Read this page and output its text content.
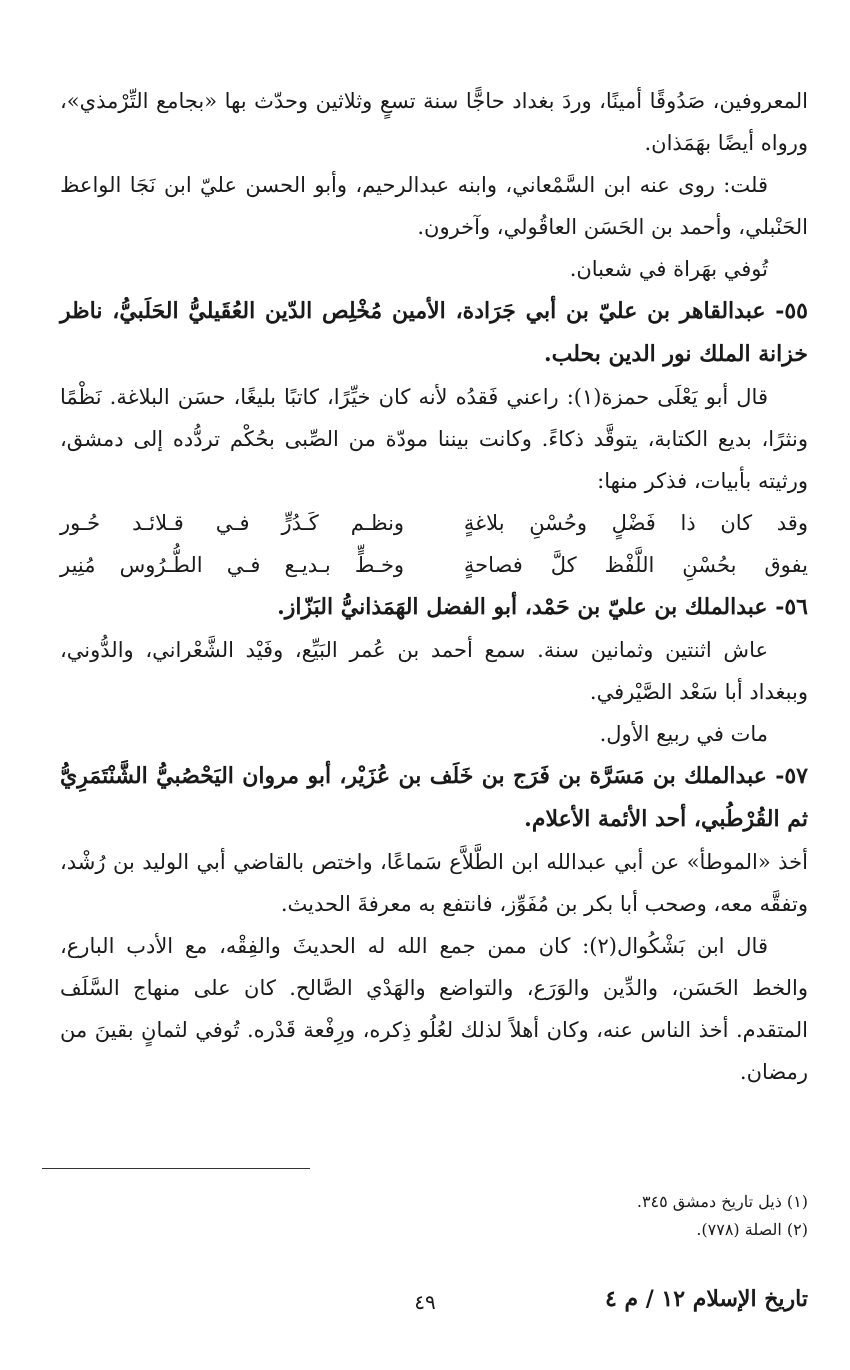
المعروفين، صَدُوقًا أمينًا، وردَ بغداد حاجًّا سنة تسعٍ وثلاثين وحدّث بها «بجامع التِّرْمذي»، ورواه أيضًا بهَمَذان.

قلت: روى عنه ابن السَّمْعاني، وابنه عبدالرحيم، وأبو الحسن عليّ ابن نَجَا الواعظ الحَنْبلي، وأحمد بن الحَسَن العاقُولي، وآخرون.

تُوفي بهَراة في شعبان.

٥٥- عبدالقاهر بن عليّ بن أبي جَرَادة، الأمين مُخْلِص الدّين العُقَيليُّ الحَلَبيُّ، ناظر خزانة الملك نور الدين بحلب.

قال أبو يَعْلَى حمزة(١): راعني فَقدُه لأنه كان خيِّرًا، كاتبًا بليغًا، حسَن البلاغة. نَظْمًا ونثرًا، بديع الكتابة، يتوقَّد ذكاءً. وكانت بيننا مودّة من الصِّبى بحُكْم تردُّده إلى دمشق، ورثيته بأبيات، فذكر منها:

وقد كان ذا فَضْلٍ وحُسْنِ بلاغةٍ
ونظـم كَـدُرٍّ فـي قـلائـد حُـور
يفوق بحُسْنِ اللَّفْظ كلَّ فصاحةٍ
وخـطٍّ بـديـع فـي الطُّـرُوس مُنِير

٥٦- عبدالملك بن عليّ بن حَمْد، أبو الفضل الهَمَذانيُّ البَزّاز.

عاش اثنتين وثمانين سنة. سمع أحمد بن عُمر البَيِّع، وفَيْد الشَّعْراني، والدُّوني، وببغداد أبا سَعْد الصَّيْرفي.

مات في ربيع الأول.

٥٧- عبدالملك بن مَسَرَّة بن فَرَج بن خَلَف بن عُزَيْر، أبو مروان اليَحْصُبيُّ الشَّنْتَمَرِيُّ ثم القُرْطُبي، أحد الأئمة الأعلام.

أخذ «الموطأ» عن أبي عبدالله ابن الطَّلاَّع سَماعًا، واختص بالقاضي أبي الوليد بن رُشْد، وتفقَّه معه، وصحب أبا بكر بن مُفَوِّز، فانتفع به معرفةَ الحديث.

قال ابن بَشْكُوال(٢): كان ممن جمع الله له الحديثَ والفِقْه، مع الأدب البارع، والخط الحَسَن، والدِّين والوَرَع، والتواضع والهَدْي الصَّالح. كان على منهاج السَّلَف المتقدم. أخذ الناس عنه، وكان أهلاً لذلك لعُلُو ذِكره، ورِفْعة قَدْره. تُوفي لثمانٍ بقينَ من رمضان.

(١) ذيل تاريخ دمشق ٣٤٥.

(٢) الصلة (٧٧٨).

٤٩	تاريخ الإسلام ١٢ / م ٤
